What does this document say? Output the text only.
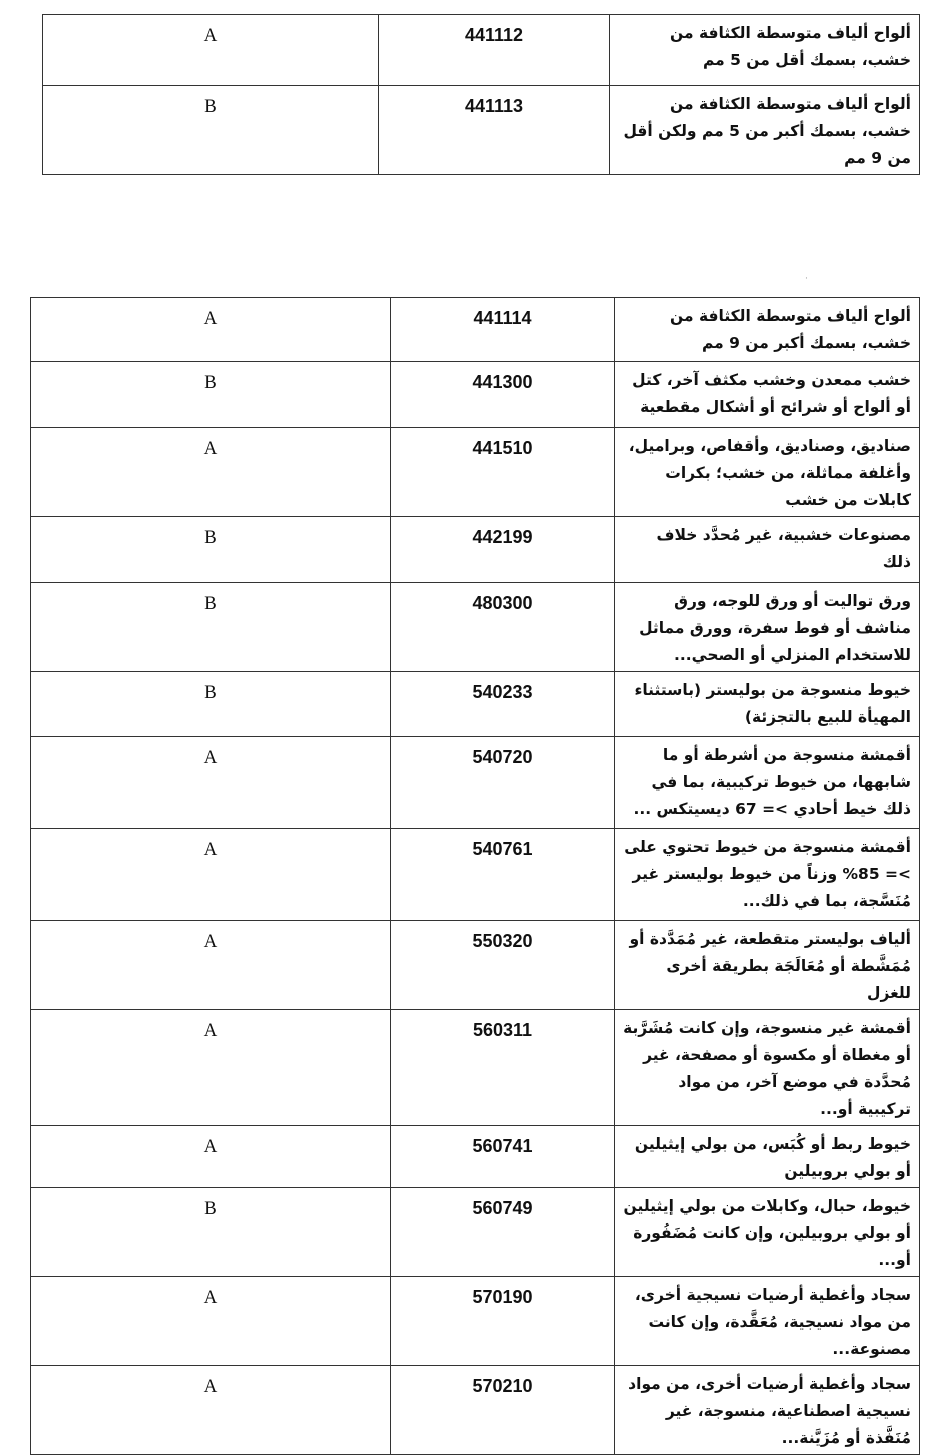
A	441112	ألواح ألياف متوسطة الكثافة من خشب، بسمك أقل من 5 مم
B	441113	ألواح ألياف متوسطة الكثافة من خشب، بسمك أكبر من 5 مم ولكن أقل من 9 مم
·
A	441114	ألواح ألياف متوسطة الكثافة من خشب، بسمك أكبر من 9 مم
B	441300	خشب ممعدن وخشب مكثف آخر، كتل أو ألواح أو شرائح أو أشكال مقطعية
A	441510	صناديق، وصناديق، وأقفاص، وبراميل، وأغلفة مماثلة، من خشب؛ بكرات كابلات من خشب
B	442199	مصنوعات خشبية، غير مُحدَّد خلاف ذلك
B	480300	ورق تواليت أو ورق للوجه، ورق مناشف أو فوط سفرة، وورق مماثل للاستخدام المنزلي أو الصحي...
B	540233	خيوط منسوجة من بوليستر (باستثناء المهيأة للبيع بالتجزئة)
A	540720	أقمشة منسوجة من أشرطة أو ما شابهها، من خيوط تركيبية، بما في ذلك خيط أحادي >= 67 ديسيتكس ...
A	540761	أقمشة منسوجة من خيوط تحتوي على >= 85% وزناً من خيوط بوليستر غير مُنَسَّجة، بما في ذلك...
A	550320	ألياف بوليستر متقطعة، غير مُمَدَّدة أو مُمَشَّطة أو مُعَالَجَة بطريقة أخرى للغزل
A	560311	أقمشة غير منسوجة، وإن كانت مُشَرَّبة أو مغطاة أو مكسوة أو مصفحة، غير مُحدَّدة في موضع آخر، من مواد تركيبية أو...
A	560741	خيوط ربط أو كُبَس، من بولي إيثيلين أو بولي بروبيلين
B	560749	خيوط، حبال، وكابلات من بولي إيثيلين أو بولي بروبيلين، وإن كانت مُضَفُورة أو...
A	570190	سجاد وأغطية أرضيات نسيجية أخرى، من مواد نسيجية، مُعَقَّدة، وإن كانت مصنوعة...
A	570210	سجاد وأغطية أرضيات أخرى، من مواد نسيجية اصطناعية، منسوجة، غير مُنَفَّذة أو مُزَيَّنة...
